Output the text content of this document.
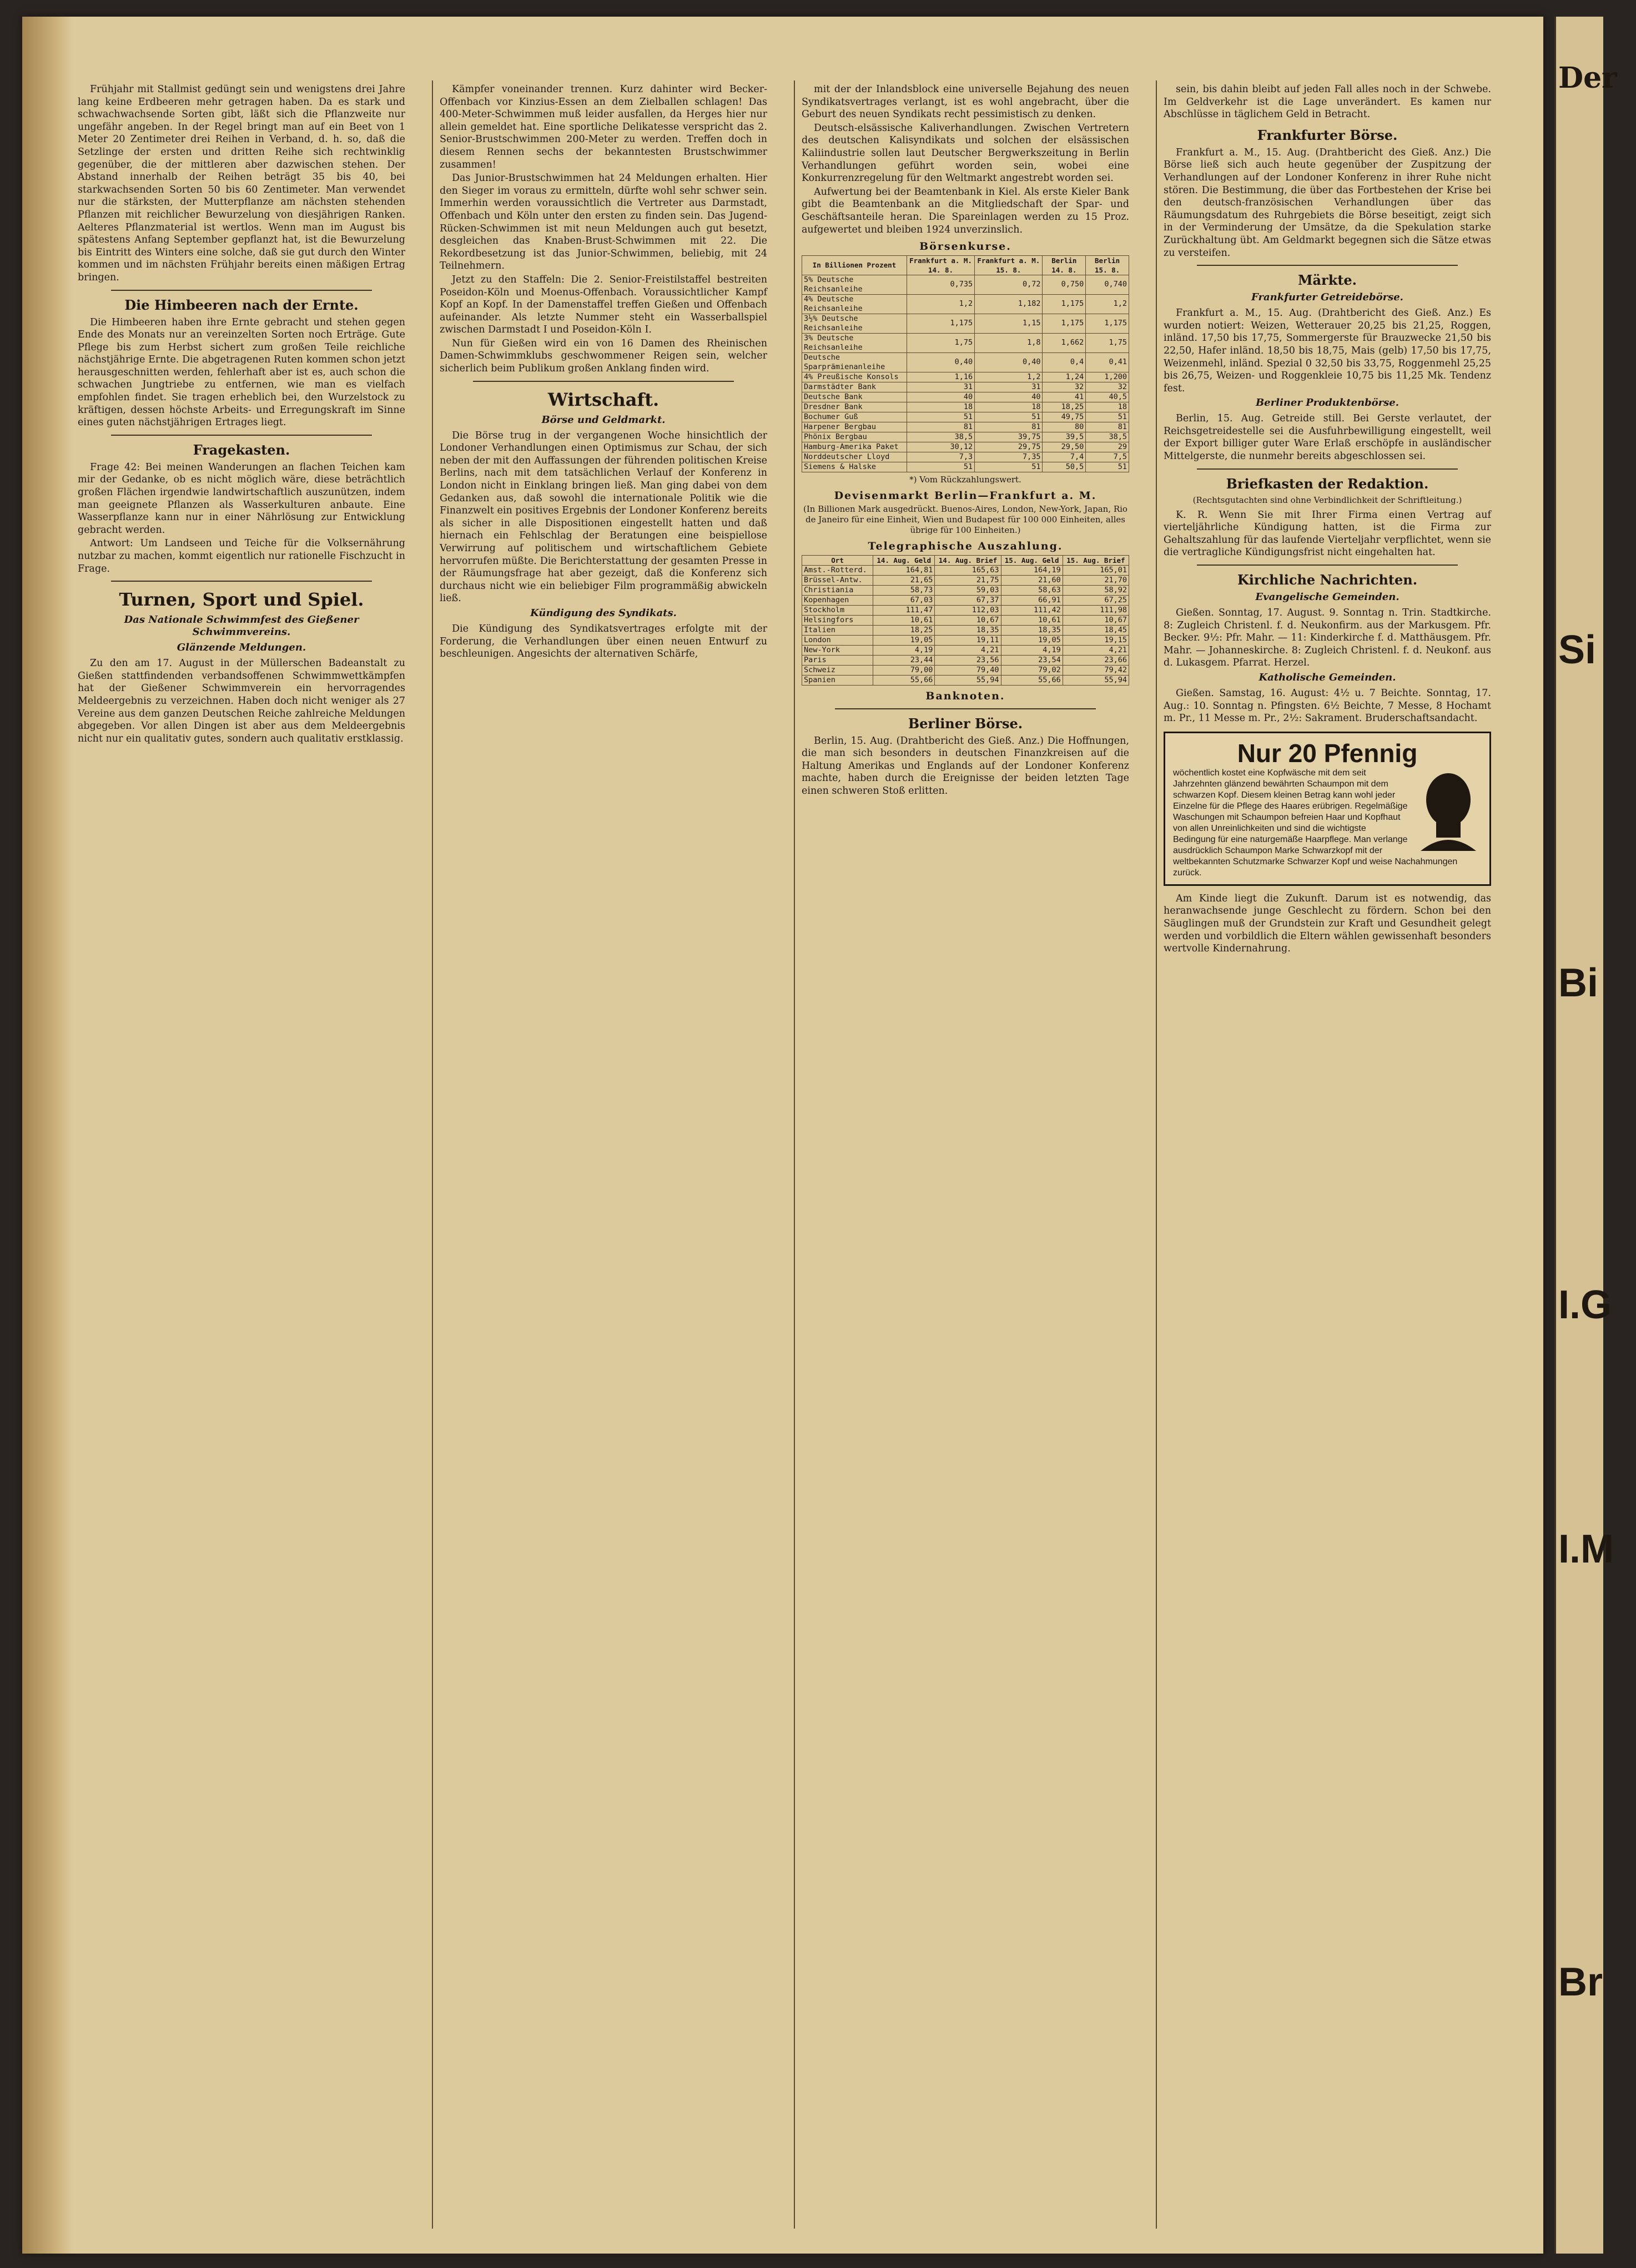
Frühjahr mit Stallmist gedüngt sein und wenigstens drei Jahre lang keine Erdbeeren mehr getragen haben. Da es stark und schwachwachsende Sorten gibt, läßt sich die Pflanzweite nur ungefähr angeben. In der Regel bringt man auf ein Beet von 1 Meter 20 Zentimeter drei Reihen in Verband, d. h. so, daß die Setzlinge der ersten und dritten Reihe sich rechtwinklig gegenüber, die der mittleren aber dazwischen stehen. Der Abstand innerhalb der Reihen beträgt 35 bis 40, bei starkwachsenden Sorten 50 bis 60 Zentimeter. Man verwendet nur die stärksten, der Mutterpflanze am nächsten stehenden Pflanzen mit reichlicher Bewurzelung von diesjährigen Ranken. Aelteres Pflanzmaterial ist wertlos. Wenn man im August bis spätestens Anfang September gepflanzt hat, ist die Bewurzelung bis Eintritt des Winters eine solche, daß sie gut durch den Winter kommen und im nächsten Frühjahr bereits einen mäßigen Ertrag bringen.

Die Himbeeren nach der Ernte.

Die Himbeeren haben ihre Ernte gebracht und stehen gegen Ende des Monats nur an vereinzelten Sorten noch Erträge. Gute Pflege bis zum Herbst sichert zum großen Teile reichliche nächstjährige Ernte. Die abgetragenen Ruten kommen schon jetzt herausgeschnitten werden, fehlerhaft aber ist es, auch schon die schwachen Jungtriebe zu entfernen, wie man es vielfach empfohlen findet. Sie tragen erheblich bei, den Wurzelstock zu kräftigen, dessen höchste Arbeits- und Erregungskraft im Sinne eines guten nächstjährigen Ertrages liegt.

Fragekasten.

Frage 42: Bei meinen Wanderungen an flachen Teichen kam mir der Gedanke, ob es nicht möglich wäre, diese beträchtlich großen Flächen irgendwie landwirtschaftlich auszunützen, indem man geeignete Pflanzen als Wasserkulturen anbaute. Eine Wasserpflanze kann nur in einer Nährlösung zur Entwicklung gebracht werden.

Antwort: Um Landseen und Teiche für die Volksernährung nutzbar zu machen, kommt eigentlich nur rationelle Fischzucht in Frage.

Turnen, Sport und Spiel.
Das Nationale Schwimmfest des Gießener Schwimmvereins.
Glänzende Meldungen.

Zu den am 17. August in der Müllerschen Badeanstalt zu Gießen stattfindenden verbandsoffenen Schwimmwettkämpfen hat der Gießener Schwimmverein ein hervorragendes Meldeergebnis zu verzeichnen. Haben doch nicht weniger als 27 Vereine aus dem ganzen Deutschen Reiche zahlreiche Meldungen abgegeben. Vor allen Dingen ist aber aus dem Meldeergebnis nicht nur ein qualitativ gutes, sondern auch qualitativ erstklassig.

Kämpfer voneinander trennen. Kurz dahinter wird Becker-Offenbach vor Kinzius-Essen an dem Zielballen schlagen! Das 400-Meter-Schwimmen muß leider ausfallen, da Herges hier nur allein gemeldet hat. Eine sportliche Delikatesse verspricht das 2. Senior-Brustschwimmen 200-Meter zu werden. Treffen doch in diesem Rennen sechs der bekanntesten Brustschwimmer zusammen!

Das Junior-Brustschwimmen hat 24 Meldungen erhalten. Hier den Sieger im voraus zu ermitteln, dürfte wohl sehr schwer sein. Immerhin werden voraussichtlich die Vertreter aus Darmstadt, Offenbach und Köln unter den ersten zu finden sein. Das Jugend-Rücken-Schwimmen ist mit neun Meldungen auch gut besetzt, desgleichen das Knaben-Brust-Schwimmen mit 22. Die Rekordbesetzung ist das Junior-Schwimmen, beliebig, mit 24 Teilnehmern.

Jetzt zu den Staffeln: Die 2. Senior-Freistilstaffel bestreiten Poseidon-Köln und Moenus-Offenbach. Voraussichtlicher Kampf Kopf an Kopf. In der Damenstaffel treffen Gießen und Offenbach aufeinander. Als letzte Nummer steht ein Wasserballspiel zwischen Darmstadt I und Poseidon-Köln I.

Nun für Gießen wird ein von 16 Damen des Rheinischen Damen-Schwimmklubs geschwommener Reigen sein, welcher sicherlich beim Publikum großen Anklang finden wird.

Wirtschaft.
Börse und Geldmarkt.

Die Börse trug in der vergangenen Woche hinsichtlich der Londoner Verhandlungen einen Optimismus zur Schau, der sich neben der mit den Auffassungen der führenden politischen Kreise Berlins, nach mit dem tatsächlichen Verlauf der Konferenz in London nicht in Einklang bringen ließ. Man ging dabei von dem Gedanken aus, daß sowohl die internationale Politik wie die Finanzwelt ein positives Ergebnis der Londoner Konferenz bereits als sicher in alle Dispositionen eingestellt hatten und daß hiernach ein Fehlschlag der Beratungen eine beispiellose Verwirrung auf politischem und wirtschaftlichem Gebiete hervorrufen müßte. Die Berichterstattung der gesamten Presse in der Räumungsfrage hat aber gezeigt, daß die Konferenz sich durchaus nicht wie ein beliebiger Film programmäßig abwickeln ließ.

Kündigung des Syndikats.

Die Kündigung des Syndikatsvertrages erfolgte mit der Forderung, die Verhandlungen über einen neuen Entwurf zu beschleunigen. Angesichts der alternativen Schärfe,

mit der der Inlandsblock eine universelle Bejahung des neuen Syndikatsvertrages verlangt, ist es wohl angebracht, über die Geburt des neuen Syndikats recht pessimistisch zu denken.

Deutsch-elsässische Kaliverhandlungen. Zwischen Vertretern des deutschen Kalisyndikats und solchen der elsässischen Kaliindustrie sollen laut Deutscher Bergwerkszeitung in Berlin Verhandlungen geführt worden sein, wobei eine Konkurrenzregelung für den Weltmarkt angestrebt worden sei.

Aufwertung bei der Beamtenbank in Kiel. Als erste Kieler Bank gibt die Beamtenbank an die Mitgliedschaft der Spar- und Geschäftsanteile heran. Die Spareinlagen werden zu 15 Proz. aufgewertet und bleiben 1924 unverzinslich.

Börsenkurse.
In Billionen Prozent	Frankfurt a. M. 14. 8.	Frankfurt a. M. 15. 8.	Berlin 14. 8.	Berlin 15. 8.
5% Deutsche Reichsanleihe	0,735	0,72	0,750	0,740
4% Deutsche Reichsanleihe	1,2	1,182	1,175	1,2
3½% Deutsche Reichsanleihe	1,175	1,15	1,175	1,175
3% Deutsche Reichsanleihe	1,75	1,8	1,662	1,75
Deutsche Sparprämienanleihe	0,40	0,40	0,4	0,41
4% Preußische Konsols	1,16	1,2	1,24	1,200
Darmstädter Bank	31	31	32	32
Deutsche Bank	40	40	41	40,5
Dresdner Bank	18	18	18,25	18
Bochumer Guß	51	51	49,75	51
Harpener Bergbau	81	81	80	81
Phönix Bergbau	38,5	39,75	39,5	38,5
Hamburg-Amerika Paket	30,12	29,75	29,50	29
Norddeutscher Lloyd	7,3	7,35	7,4	7,5
Siemens & Halske	51	51	50,5	51
*) Vom Rückzahlungswert.
Devisenmarkt Berlin—Frankfurt a. M.
(In Billionen Mark ausgedrückt. Buenos-Aires, London, New-York, Japan, Rio de Janeiro für eine Einheit, Wien und Budapest für 100 000 Einheiten, alles übrige für 100 Einheiten.)
Telegraphische Auszahlung.
Ort	14. Aug. Geld	14. Aug. Brief	15. Aug. Geld	15. Aug. Brief
Amst.-Rotterd.	164,81	165,63	164,19	165,01
Brüssel-Antw.	21,65	21,75	21,60	21,70
Christiania	58,73	59,03	58,63	58,92
Kopenhagen	67,03	67,37	66,91	67,25
Stockholm	111,47	112,03	111,42	111,98
Helsingfors	10,61	10,67	10,61	10,67
Italien	18,25	18,35	18,35	18,45
London	19,05	19,11	19,05	19,15
New-York	4,19	4,21	4,19	4,21
Paris	23,44	23,56	23,54	23,66
Schweiz	79,00	79,40	79,02	79,42
Spanien	55,66	55,94	55,66	55,94
Banknoten.
Berliner Börse.

Berlin, 15. Aug. (Drahtbericht des Gieß. Anz.) Die Hoffnungen, die man sich besonders in deutschen Finanzkreisen auf die Haltung Amerikas und Englands auf der Londoner Konferenz machte, haben durch die Ereignisse der beiden letzten Tage einen schweren Stoß erlitten.

sein, bis dahin bleibt auf jeden Fall alles noch in der Schwebe. Im Geldverkehr ist die Lage unverändert. Es kamen nur Abschlüsse in täglichem Geld in Betracht.

Frankfurter Börse.

Frankfurt a. M., 15. Aug. (Drahtbericht des Gieß. Anz.) Die Börse ließ sich auch heute gegenüber der Zuspitzung der Verhandlungen auf der Londoner Konferenz in ihrer Ruhe nicht stören. Die Bestimmung, die über das Fortbestehen der Krise bei den deutsch-französischen Verhandlungen über das Räumungsdatum des Ruhrgebiets die Börse beseitigt, zeigt sich in der Verminderung der Umsätze, da die Spekulation starke Zurückhaltung übt. Am Geldmarkt begegnen sich die Sätze etwas zu versteifen.

Märkte.
Frankfurter Getreidebörse.

Frankfurt a. M., 15. Aug. (Drahtbericht des Gieß. Anz.) Es wurden notiert: Weizen, Wetterauer 20,25 bis 21,25, Roggen, inländ. 17,50 bis 17,75, Sommergerste für Brauzwecke 21,50 bis 22,50, Hafer inländ. 18,50 bis 18,75, Mais (gelb) 17,50 bis 17,75, Weizenmehl, inländ. Spezial 0 32,50 bis 33,75, Roggenmehl 25,25 bis 26,75, Weizen- und Roggenkleie 10,75 bis 11,25 Mk. Tendenz fest.

Berliner Produktenbörse.

Berlin, 15. Aug. Getreide still. Bei Gerste verlautet, der Reichsgetreidestelle sei die Ausfuhrbewilligung eingestellt, weil der Export billiger guter Ware Erlaß erschöpfe in ausländischer Mittelgerste, die nunmehr bereits abgeschlossen sei.

Briefkasten der Redaktion.
(Rechtsgutachten sind ohne Verbindlichkeit der Schriftleitung.)

K. R. Wenn Sie mit Ihrer Firma einen Vertrag auf vierteljährliche Kündigung hatten, ist die Firma zur Gehaltszahlung für das laufende Vierteljahr verpflichtet, wenn sie die vertragliche Kündigungsfrist nicht eingehalten hat.

Kirchliche Nachrichten.
Evangelische Gemeinden.

Gießen. Sonntag, 17. August. 9. Sonntag n. Trin. Stadtkirche. 8: Zugleich Christenl. f. d. Neukonfirm. aus der Markusgem. Pfr. Becker. 9½: Pfr. Mahr. — 11: Kinderkirche f. d. Matthäusgem. Pfr. Mahr. — Johanneskirche. 8: Zugleich Christenl. f. d. Neukonf. aus d. Lukasgem. Pfarrat. Herzel.

Katholische Gemeinden.

Gießen. Samstag, 16. August: 4½ u. 7 Beichte. Sonntag, 17. Aug.: 10. Sonntag n. Pfingsten. 6½ Beichte, 7 Messe, 8 Hochamt m. Pr., 11 Messe m. Pr., 2½: Sakrament. Bruderschaftsandacht.

Nur 20 Pfennig
wöchentlich kostet eine Kopfwäsche mit dem seit Jahrzehnten glänzend bewährten Schaumpon mit dem schwarzen Kopf. Diesem kleinen Betrag kann wohl jeder Einzelne für die Pflege des Haares erübrigen. Regelmäßige Waschungen mit Schaumpon befreien Haar und Kopfhaut von allen Unreinlichkeiten und sind die wichtigste Bedingung für eine naturgemäße Haarpflege. Man verlange ausdrücklich Schaumpon Marke Schwarzkopf mit der weltbekannten Schutzmarke Schwarzer Kopf und weise Nachahmungen zurück.

Am Kinde liegt die Zukunft. Darum ist es notwendig, das heranwachsende junge Geschlecht zu fördern. Schon bei den Säuglingen muß der Grundstein zur Kraft und Gesundheit gelegt werden und vorbildlich die Eltern wählen gewissenhaft besonders wertvolle Kindernahrung.

Der
Si
Bi
I.G
I.M
Br
